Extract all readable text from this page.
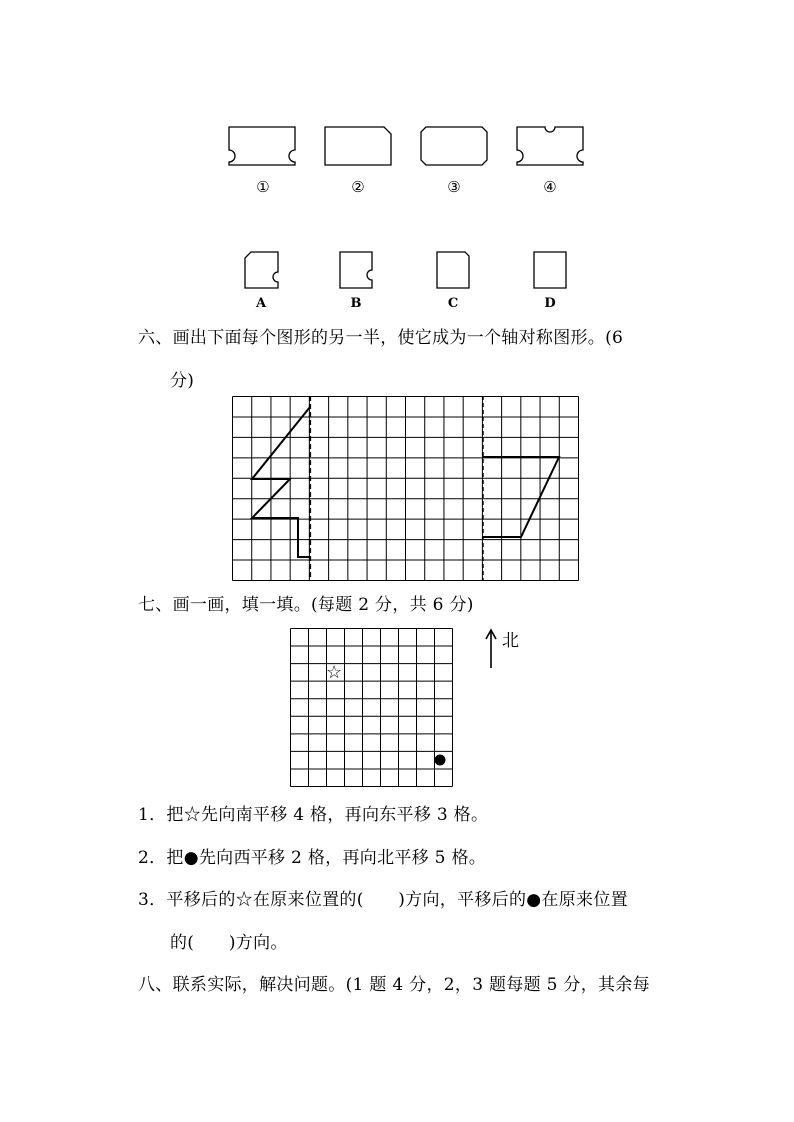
①	②	③	④
A	B	C	D
六、画出下面每个图形的另一半，使它成为一个轴对称图形。(6
分)
七、画一画，填一填。(每题 2 分，共 6 分)
☆
北
1．把☆先向南平移 4 格，再向东平移 3 格。
2．把●先向西平移 2 格，再向北平移 5 格。
3．平移后的☆在原来位置的(　　)方向，平移后的●在原来位置
的(　　)方向。
八、联系实际，解决问题。(1 题 4 分，2，3 题每题 5 分，其余每
